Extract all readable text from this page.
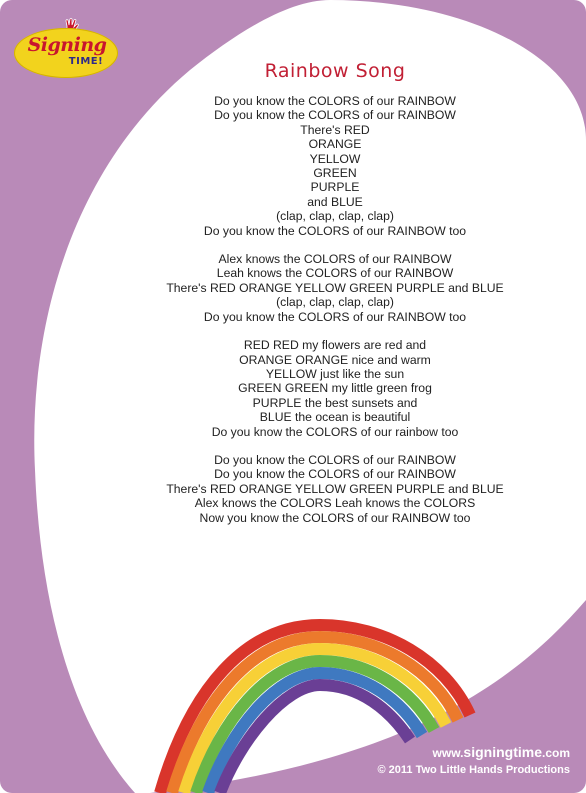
Signing
TIME!	Rainbow Song
Do you know the COLORS of our RAINBOW
Do you know the COLORS of our RAINBOW
There's RED
ORANGE
YELLOW
GREEN
PURPLE
and BLUE
(clap, clap, clap, clap)
Do you know the COLORS of our RAINBOW too
Alex knows the COLORS of our RAINBOW
Leah knows the COLORS of our RAINBOW
There's RED ORANGE YELLOW GREEN PURPLE and BLUE
(clap, clap, clap, clap)
Do you know the COLORS of our RAINBOW too
RED RED my flowers are red and
ORANGE ORANGE nice and warm
YELLOW just like the sun
GREEN GREEN my little green frog
PURPLE the best sunsets and
BLUE the ocean is beautiful
Do you know the COLORS of our rainbow too
Do you know the COLORS of our RAINBOW
Do you know the COLORS of our RAINBOW
There's RED ORANGE YELLOW GREEN PURPLE and BLUE
Alex knows the COLORS Leah knows the COLORS
Now you know the COLORS of our RAINBOW too
www.signingtime.com
© 2011 Two Little Hands Productions
